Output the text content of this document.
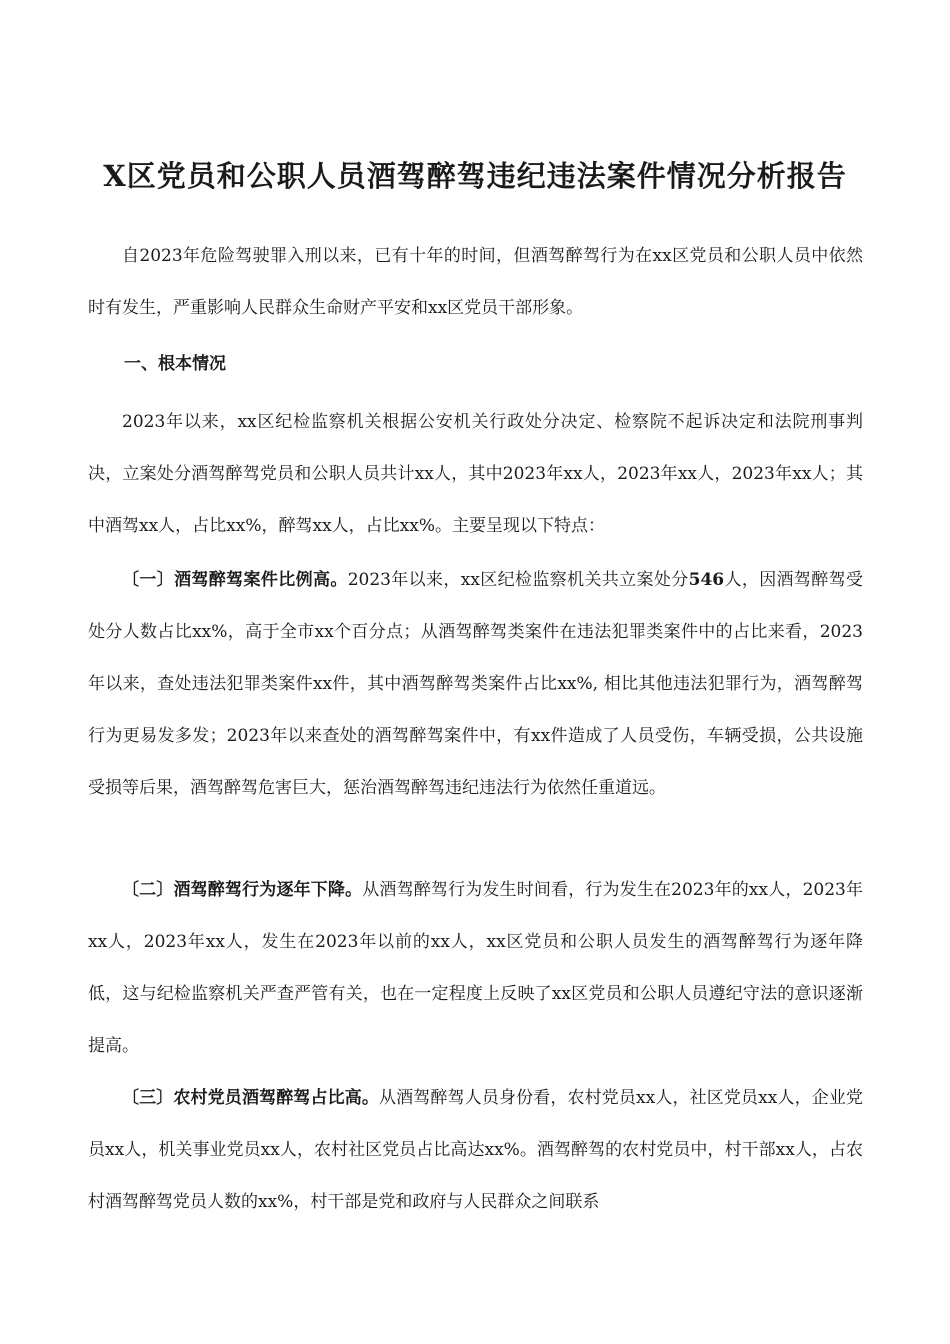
X区党员和公职人员酒驾醉驾违纪违法案件情况分析报告

自2023年危险驾驶罪入刑以来，已有十年的时间，但酒驾醉驾行为在xx区党员和公职人员中依然时有发生，严重影响人民群众生命财产平安和xx区党员干部形象。

一、根本情况

2023年以来，xx区纪检监察机关根据公安机关行政处分决定、检察院不起诉决定和法院刑事判决，立案处分酒驾醉驾党员和公职人员共计xx人，其中2023年xx人，2023年xx人，2023年xx人；其中酒驾xx人，占比xx%，醉驾xx人，占比xx%。主要呈现以下特点：

〔一〕酒驾醉驾案件比例高。2023年以来，xx区纪检监察机关共立案处分546人，因酒驾醉驾受处分人数占比xx%，高于全市xx个百分点；从酒驾醉驾类案件在违法犯罪类案件中的占比来看，2023年以来，查处违法犯罪类案件xx件，其中酒驾醉驾类案件占比xx%, 相比其他违法犯罪行为，酒驾醉驾行为更易发多发；2023年以来查处的酒驾醉驾案件中，有xx件造成了人员受伤，车辆受损，公共设施受损等后果，酒驾醉驾危害巨大，惩治酒驾醉驾违纪违法行为依然任重道远。

〔二〕酒驾醉驾行为逐年下降。从酒驾醉驾行为发生时间看，行为发生在2023年的xx人，2023年xx人，2023年xx人，发生在2023年以前的xx人，xx区党员和公职人员发生的酒驾醉驾行为逐年降低，这与纪检监察机关严查严管有关，也在一定程度上反映了xx区党员和公职人员遵纪守法的意识逐渐提高。

〔三〕农村党员酒驾醉驾占比高。从酒驾醉驾人员身份看，农村党员xx人，社区党员xx人，企业党员xx人，机关事业党员xx人，农村社区党员占比高达xx%。酒驾醉驾的农村党员中，村干部xx人，占农村酒驾醉驾党员人数的xx%，村干部是党和政府与人民群众之间联系
